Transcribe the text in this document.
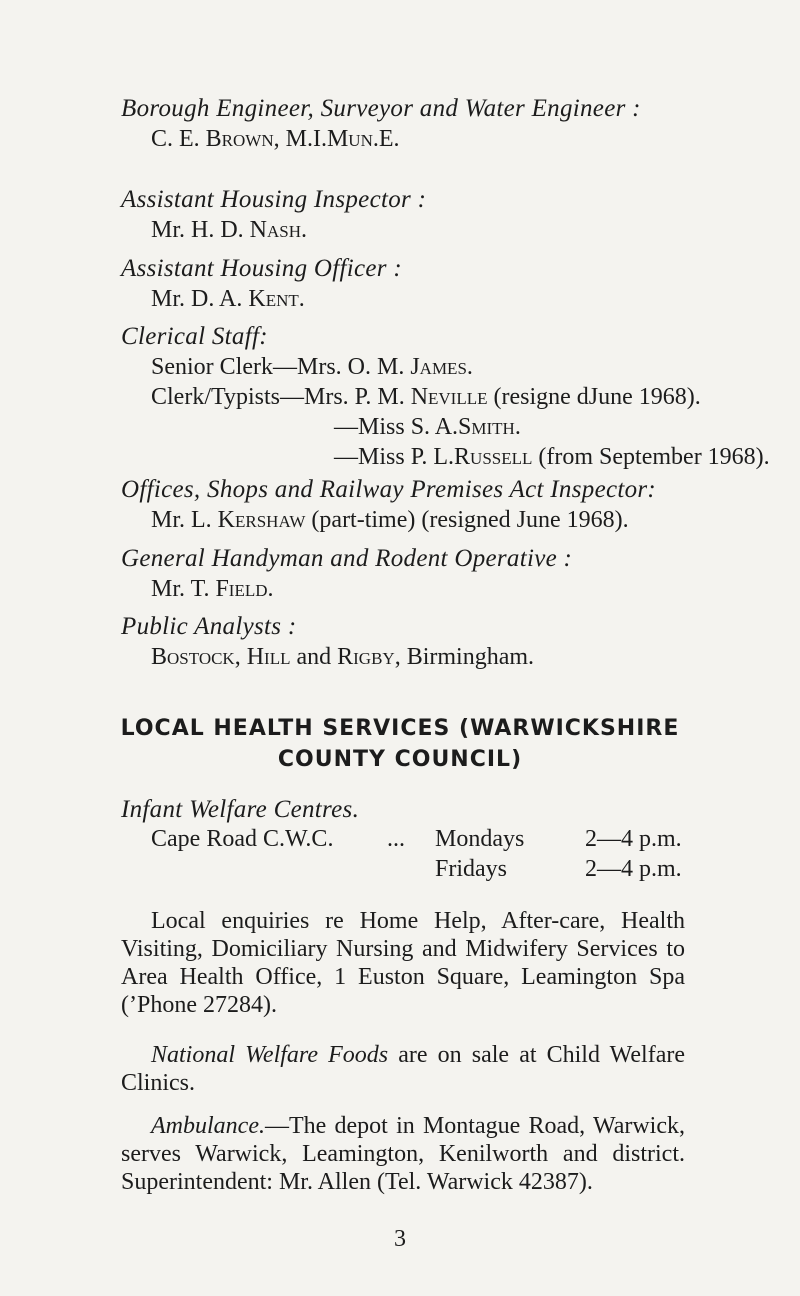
Borough Engineer, Surveyor and Water Engineer :

C. E. Brown, M.I.Mun.E.

Assistant Housing Inspector :

Mr. H. D. Nash.

Assistant Housing Officer :

Mr. D. A. Kent.

Clerical Staff:

Senior Clerk—Mrs. O. M. James.

Clerk/Typists—Mrs. P. M. Neville (resigne dJune 1968).

—Miss S. A.Smith.

—Miss P. L.Russell (from September 1968).

Offices, Shops and Railway Premises Act Inspector:

Mr. L. Kershaw (part-time) (resigned June 1968).

General Handyman and Rodent Operative :

Mr. T. Field.

Public Analysts :

Bostock, Hill and Rigby, Birmingham.

LOCAL HEALTH SERVICES (WARWICKSHIRE

COUNTY COUNCIL)

Infant Welfare Centres.

Cape Road C.W.C. ... Mondays	2—4 p.m.
Fridays	2—4 p.m.

Local enquiries re Home Help, After-care, Health Visiting, Domiciliary Nursing and Midwifery Services to Area Health Office, 1 Euston Square, Leamington Spa (’Phone 27284).

National Welfare Foods are on sale at Child Welfare Clinics.

Ambulance.—The depot in Montague Road, Warwick, serves Warwick, Leamington, Kenilworth and district. Superintendent: Mr. Allen (Tel. Warwick 42387).

3
